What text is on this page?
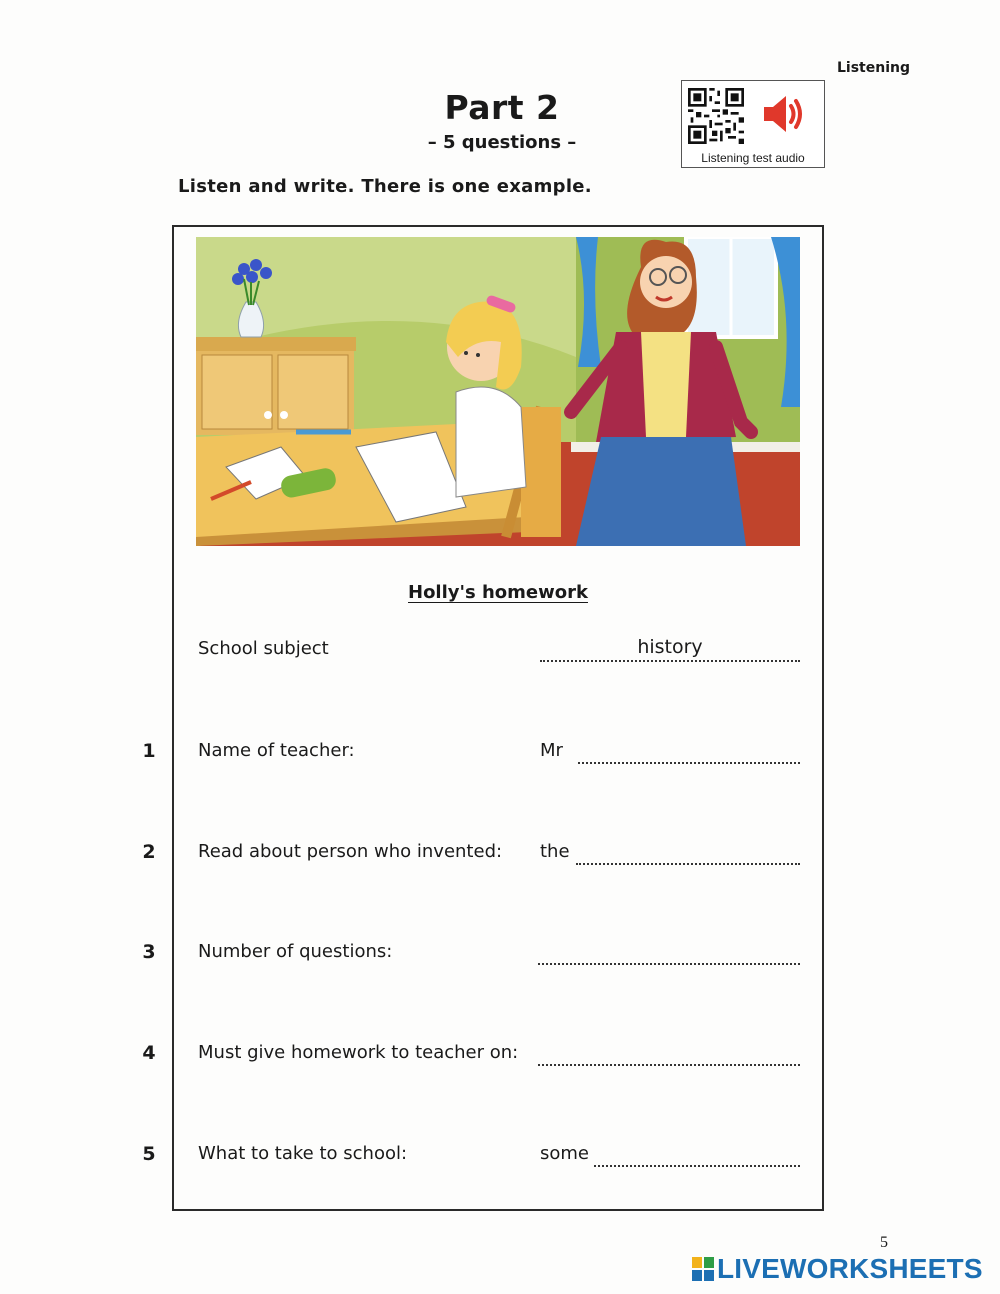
Listening
Part 2
– 5 questions –
Listening test audio
Listen and write. There is one example.
Holly's homework
School subject	history
1 Name of teacher:	Mr
2 Read about person who invented: the
3 Number of questions:
4 Must give homework to teacher on:
5 What to take to school:	some
5
LIVEWORKSHEETS
